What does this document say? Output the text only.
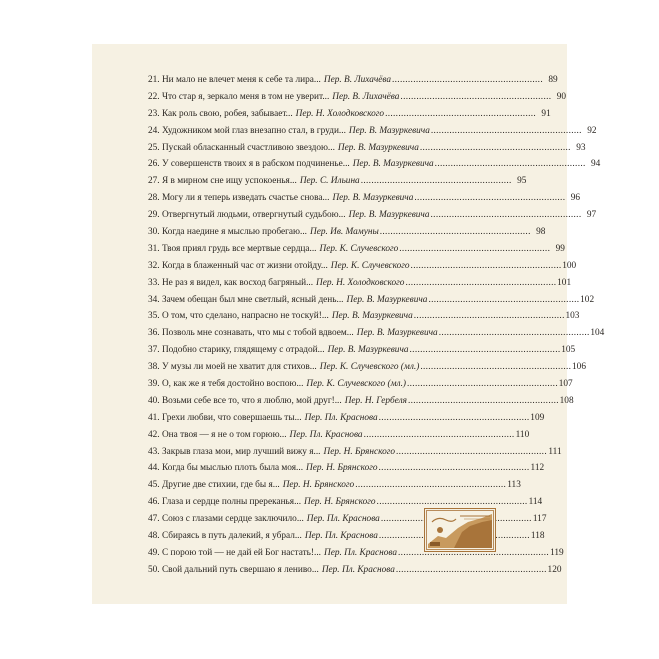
21.
Ни мало не влечет меня к себе та лира... Пер. В. Лихачёва . . .	89
22.
Что стар я, зеркало меня в том не уверит... Пер. В. Лихачёва . . .	90
23.
Как роль свою, робея, забывает... Пер. Н. Холодковского . . .	91
24.
Художником мой глаз внезапно стал, в груди... Пер. В. Мазуркевича . . .	92
25.
Пускай обласканный счастливою звездою... Пер. В. Мазуркевича . . .	93
26.
У совершенств твоих я в рабском подчиненье... Пер. В. Мазуркевича . . .	94
27.
Я в мирном сне ищу успокоенья... Пер. С. Ильина . . .	95
28.
Могу ли я теперь изведать счастье снова... Пер. В. Мазуркевича . . .	96
29.
Отвергнутый людьми, отвергнутый судьбою... Пер. В. Мазуркевича . . .	97
30.
Когда наедине я мыслью пробегаю... Пер. Ив. Мамуны . . .	98
31.
Твоя приял грудь все мертвые сердца... Пер. К. Случевского . . .	99
32.
Когда в блаженный час от жизни отойду... Пер. К. Случевского . . .	100
33.
Не раз я видел, как восход багряный... Пер. Н. Холодковского . . .	101
34.
Зачем обещан был мне светлый, ясный день... Пер. В. Мазуркевича . . .	102
35.
О том, что сделано, напрасно не тоскуй!... Пер. В. Мазуркевича . . .	103
36.
Позволь мне сознавать, что мы с тобой вдвоем... Пер. В. Мазуркевича . . .	104
37.
Подобно старику, глядящему с отрадой... Пер. В. Мазуркевича . . .	105
38.
У музы ли моей не хватит для стихов... Пер. К. Случевского (мл.) . . .	106
39.
О, как же я тебя достойно воспою... Пер. К. Случевского (мл.) . . .	107
40.
Возьми себе все то, что я люблю, мой друг!... Пер. Н. Гербеля . . .	108
41.
Грехи любви, что совершаешь ты... Пер. Пл. Краснова . . .	109
42.
Она твоя — я не о том горюю... Пер. Пл. Краснова . . .	110
43.
Закрыв глаза мои, мир лучший вижу я... Пер. Н. Брянского . . .	111
44.
Когда бы мыслью плоть была моя... Пер. Н. Брянского . . .	112
45.
Другие две стихии, где бы я... Пер. Н. Брянского . . .	113
46.
Глаза и сердце полны пререканья... Пер. Н. Брянского . . .	114
47.
Союз с глазами сердце заключило... Пер. Пл. Краснова . . .	117
48.
Сбираясь в путь далекий, я убрал... Пер. Пл. Краснова . . .	118
49.
С порою той — не дай ей Бог настать!... Пер. Пл. Краснова . . .	119
50.
Свой дальний путь свершаю я лениво... Пер. Пл. Краснова . . .	120
